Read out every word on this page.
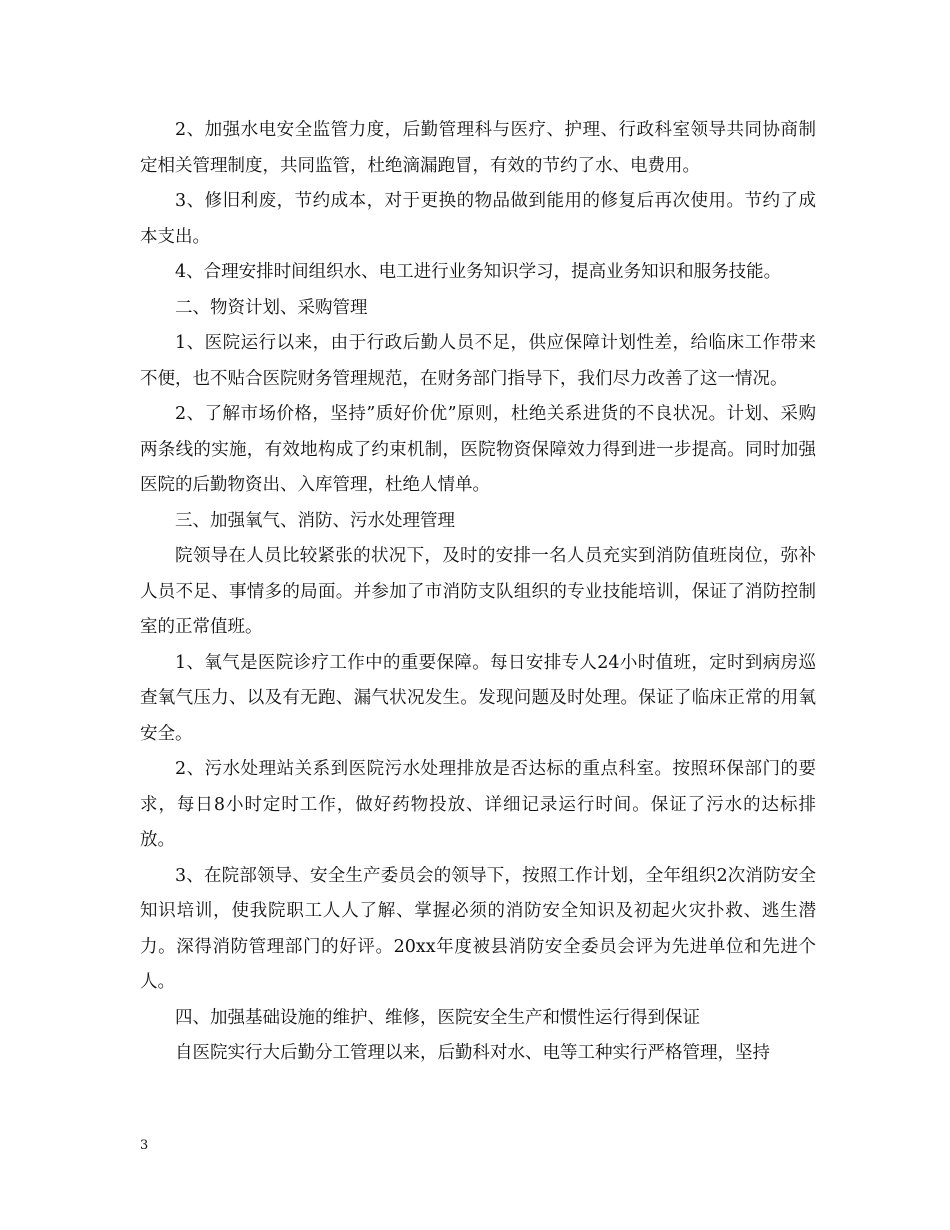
2、加强水电安全监管力度，后勤管理科与医疗、护理、行政科室领导共同协商制定相关管理制度，共同监管，杜绝滴漏跑冒，有效的节约了水、电费用。

3、修旧利废，节约成本，对于更换的物品做到能用的修复后再次使用。节约了成本支出。

4、合理安排时间组织水、电工进行业务知识学习，提高业务知识和服务技能。

二、物资计划、采购管理

1、医院运行以来，由于行政后勤人员不足，供应保障计划性差，给临床工作带来不便，也不贴合医院财务管理规范，在财务部门指导下，我们尽力改善了这一情况。

2、了解市场价格，坚持”质好价优”原则，杜绝关系进货的不良状况。计划、采购两条线的实施，有效地构成了约束机制，医院物资保障效力得到进一步提高。同时加强医院的后勤物资出、入库管理，杜绝人情单。

三、加强氧气、消防、污水处理管理

院领导在人员比较紧张的状况下，及时的安排一名人员充实到消防值班岗位，弥补人员不足、事情多的局面。并参加了市消防支队组织的专业技能培训，保证了消防控制室的正常值班。

1、氧气是医院诊疗工作中的重要保障。每日安排专人24小时值班，定时到病房巡查氧气压力、以及有无跑、漏气状况发生。发现问题及时处理。保证了临床正常的用氧安全。

2、污水处理站关系到医院污水处理排放是否达标的重点科室。按照环保部门的要求，每日8小时定时工作，做好药物投放、详细记录运行时间。保证了污水的达标排放。

3、在院部领导、安全生产委员会的领导下，按照工作计划，全年组织2次消防安全知识培训，使我院职工人人了解、掌握必须的消防安全知识及初起火灾扑救、逃生潜力。深得消防管理部门的好评。20xx年度被县消防安全委员会评为先进单位和先进个人。

四、加强基础设施的维护、维修，医院安全生产和惯性运行得到保证

自医院实行大后勤分工管理以来，后勤科对水、电等工种实行严格管理，坚持

3
